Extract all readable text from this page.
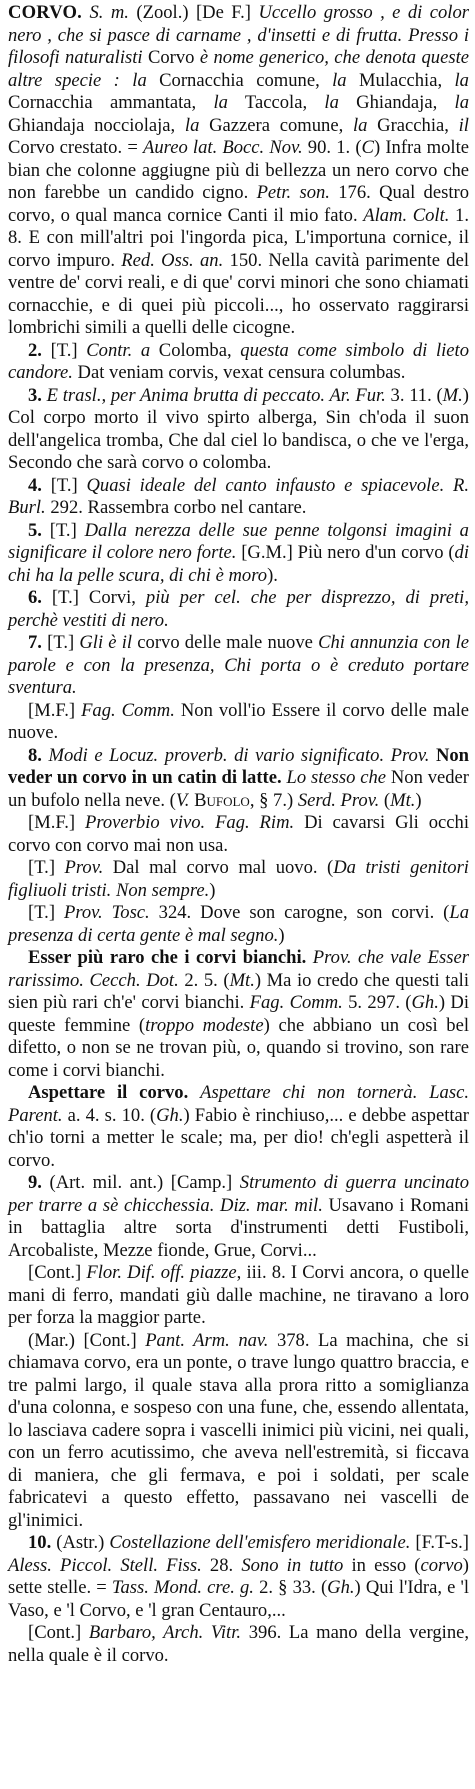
CORVO. S. m. (Zool.) [De F.] Uccello grosso , e di color nero , che si pasce di carname , d'insetti e di frutta. Presso i filosofi naturalisti Corvo è nome generico, che denota queste altre specie : la Cornacchia comune, la Mulacchia, la Cornacchia ammantata, la Taccola, la Ghiandaja, la Ghiandaja nocciolaja, la Gazzera comune, la Gracchia, il Corvo crestato. = Aureo lat. Bocc. Nov. 90. 1. (C) Infra molte bian che colonne aggiugne più di bellezza un nero corvo che non farebbe un candido cigno. Petr. son. 176. Qual destro corvo, o qual manca cornice Canti il mio fato. Alam. Colt. 1. 8. E con mill'altri poi l'ingorda pica, L'importuna cornice, il corvo impuro. Red. Oss. an. 150. Nella cavità parimente del ventre de' corvi reali, e di que' corvi minori che sono chiamati cornacchie, e di quei più piccoli..., ho osservato raggirarsi lombrichi simili a quelli delle cicogne.

2. [T.] Contr. a Colomba, questa come simbolo di lieto candore. Dat veniam corvis, vexat censura columbas.

3. E trasl., per Anima brutta di peccato. Ar. Fur. 3. 11. (M.) Col corpo morto il vivo spirto alberga, Sin ch'oda il suon dell'angelica tromba, Che dal ciel lo bandisca, o che ve l'erga, Secondo che sarà corvo o colomba.

4. [T.] Quasi ideale del canto infausto e spiacevole. R. Burl. 292. Rassembra corbo nel cantare.

5. [T.] Dalla nerezza delle sue penne tolgonsi imagini a significare il colore nero forte. [G.M.] Più nero d'un corvo (di chi ha la pelle scura, di chi è moro).

6. [T.] Corvi, più per cel. che per disprezzo, di preti, perchè vestiti di nero.

7. [T.] Gli è il corvo delle male nuove Chi annunzia con le parole e con la presenza, Chi porta o è creduto portare sventura.

[M.F.] Fag. Comm. Non voll'io Essere il corvo delle male nuove.

8. Modi e Locuz. proverb. di vario significato. Prov. Non veder un corvo in un catin di latte. Lo stesso che Non veder un bufolo nella neve. (V. Bufolo, § 7.) Serd. Prov. (Mt.)

[M.F.] Proverbio vivo. Fag. Rim. Di cavarsi Gli occhi corvo con corvo mai non usa.

[T.] Prov. Dal mal corvo mal uovo. (Da tristi genitori figliuoli tristi. Non sempre.)

[T.] Prov. Tosc. 324. Dove son carogne, son corvi. (La presenza di certa gente è mal segno.)

Esser più raro che i corvi bianchi. Prov. che vale Esser rarissimo. Cecch. Dot. 2. 5. (Mt.) Ma io credo che questi tali sien più rari ch'e' corvi bianchi. Fag. Comm. 5. 297. (Gh.) Di queste femmine (troppo modeste) che abbiano un così bel difetto, o non se ne trovan più, o, quando si trovino, son rare come i corvi bianchi.

Aspettare il corvo. Aspettare chi non tornerà. Lasc. Parent. a. 4. s. 10. (Gh.) Fabio è rinchiuso,... e debbe aspettar ch'io torni a metter le scale; ma, per dio! ch'egli aspetterà il corvo.

9. (Art. mil. ant.) [Camp.] Strumento di guerra uncinato per trarre a sè chicchessia. Diz. mar. mil. Usavano i Romani in battaglia altre sorta d'instrumenti detti Fustiboli, Arcobaliste, Mezze fionde, Grue, Corvi...

[Cont.] Flor. Dif. off. piazze, iii. 8. I Corvi ancora, o quelle mani di ferro, mandati giù dalle machine, ne tiravano a loro per forza la maggior parte.

(Mar.) [Cont.] Pant. Arm. nav. 378. La machina, che si chiamava corvo, era un ponte, o trave lungo quattro braccia, e tre palmi largo, il quale stava alla prora ritto a somiglianza d'una colonna, e sospeso con una fune, che, essendo allentata, lo lasciava cadere sopra i vascelli inimici più vicini, nei quali, con un ferro acutissimo, che aveva nell'estremità, si ficcava di maniera, che gli fermava, e poi i soldati, per scale fabricatevi a questo effetto, passavano nei vascelli de gl'inimici.

10. (Astr.) Costellazione dell'emisfero meridionale. [F.T-s.] Aless. Piccol. Stell. Fiss. 28. Sono in tutto in esso (corvo) sette stelle. = Tass. Mond. cre. g. 2. § 33. (Gh.) Qui l'Idra, e 'l Vaso, e 'l Corvo, e 'l gran Centauro,...

[Cont.] Barbaro, Arch. Vitr. 396. La mano della vergine, nella quale è il corvo.
